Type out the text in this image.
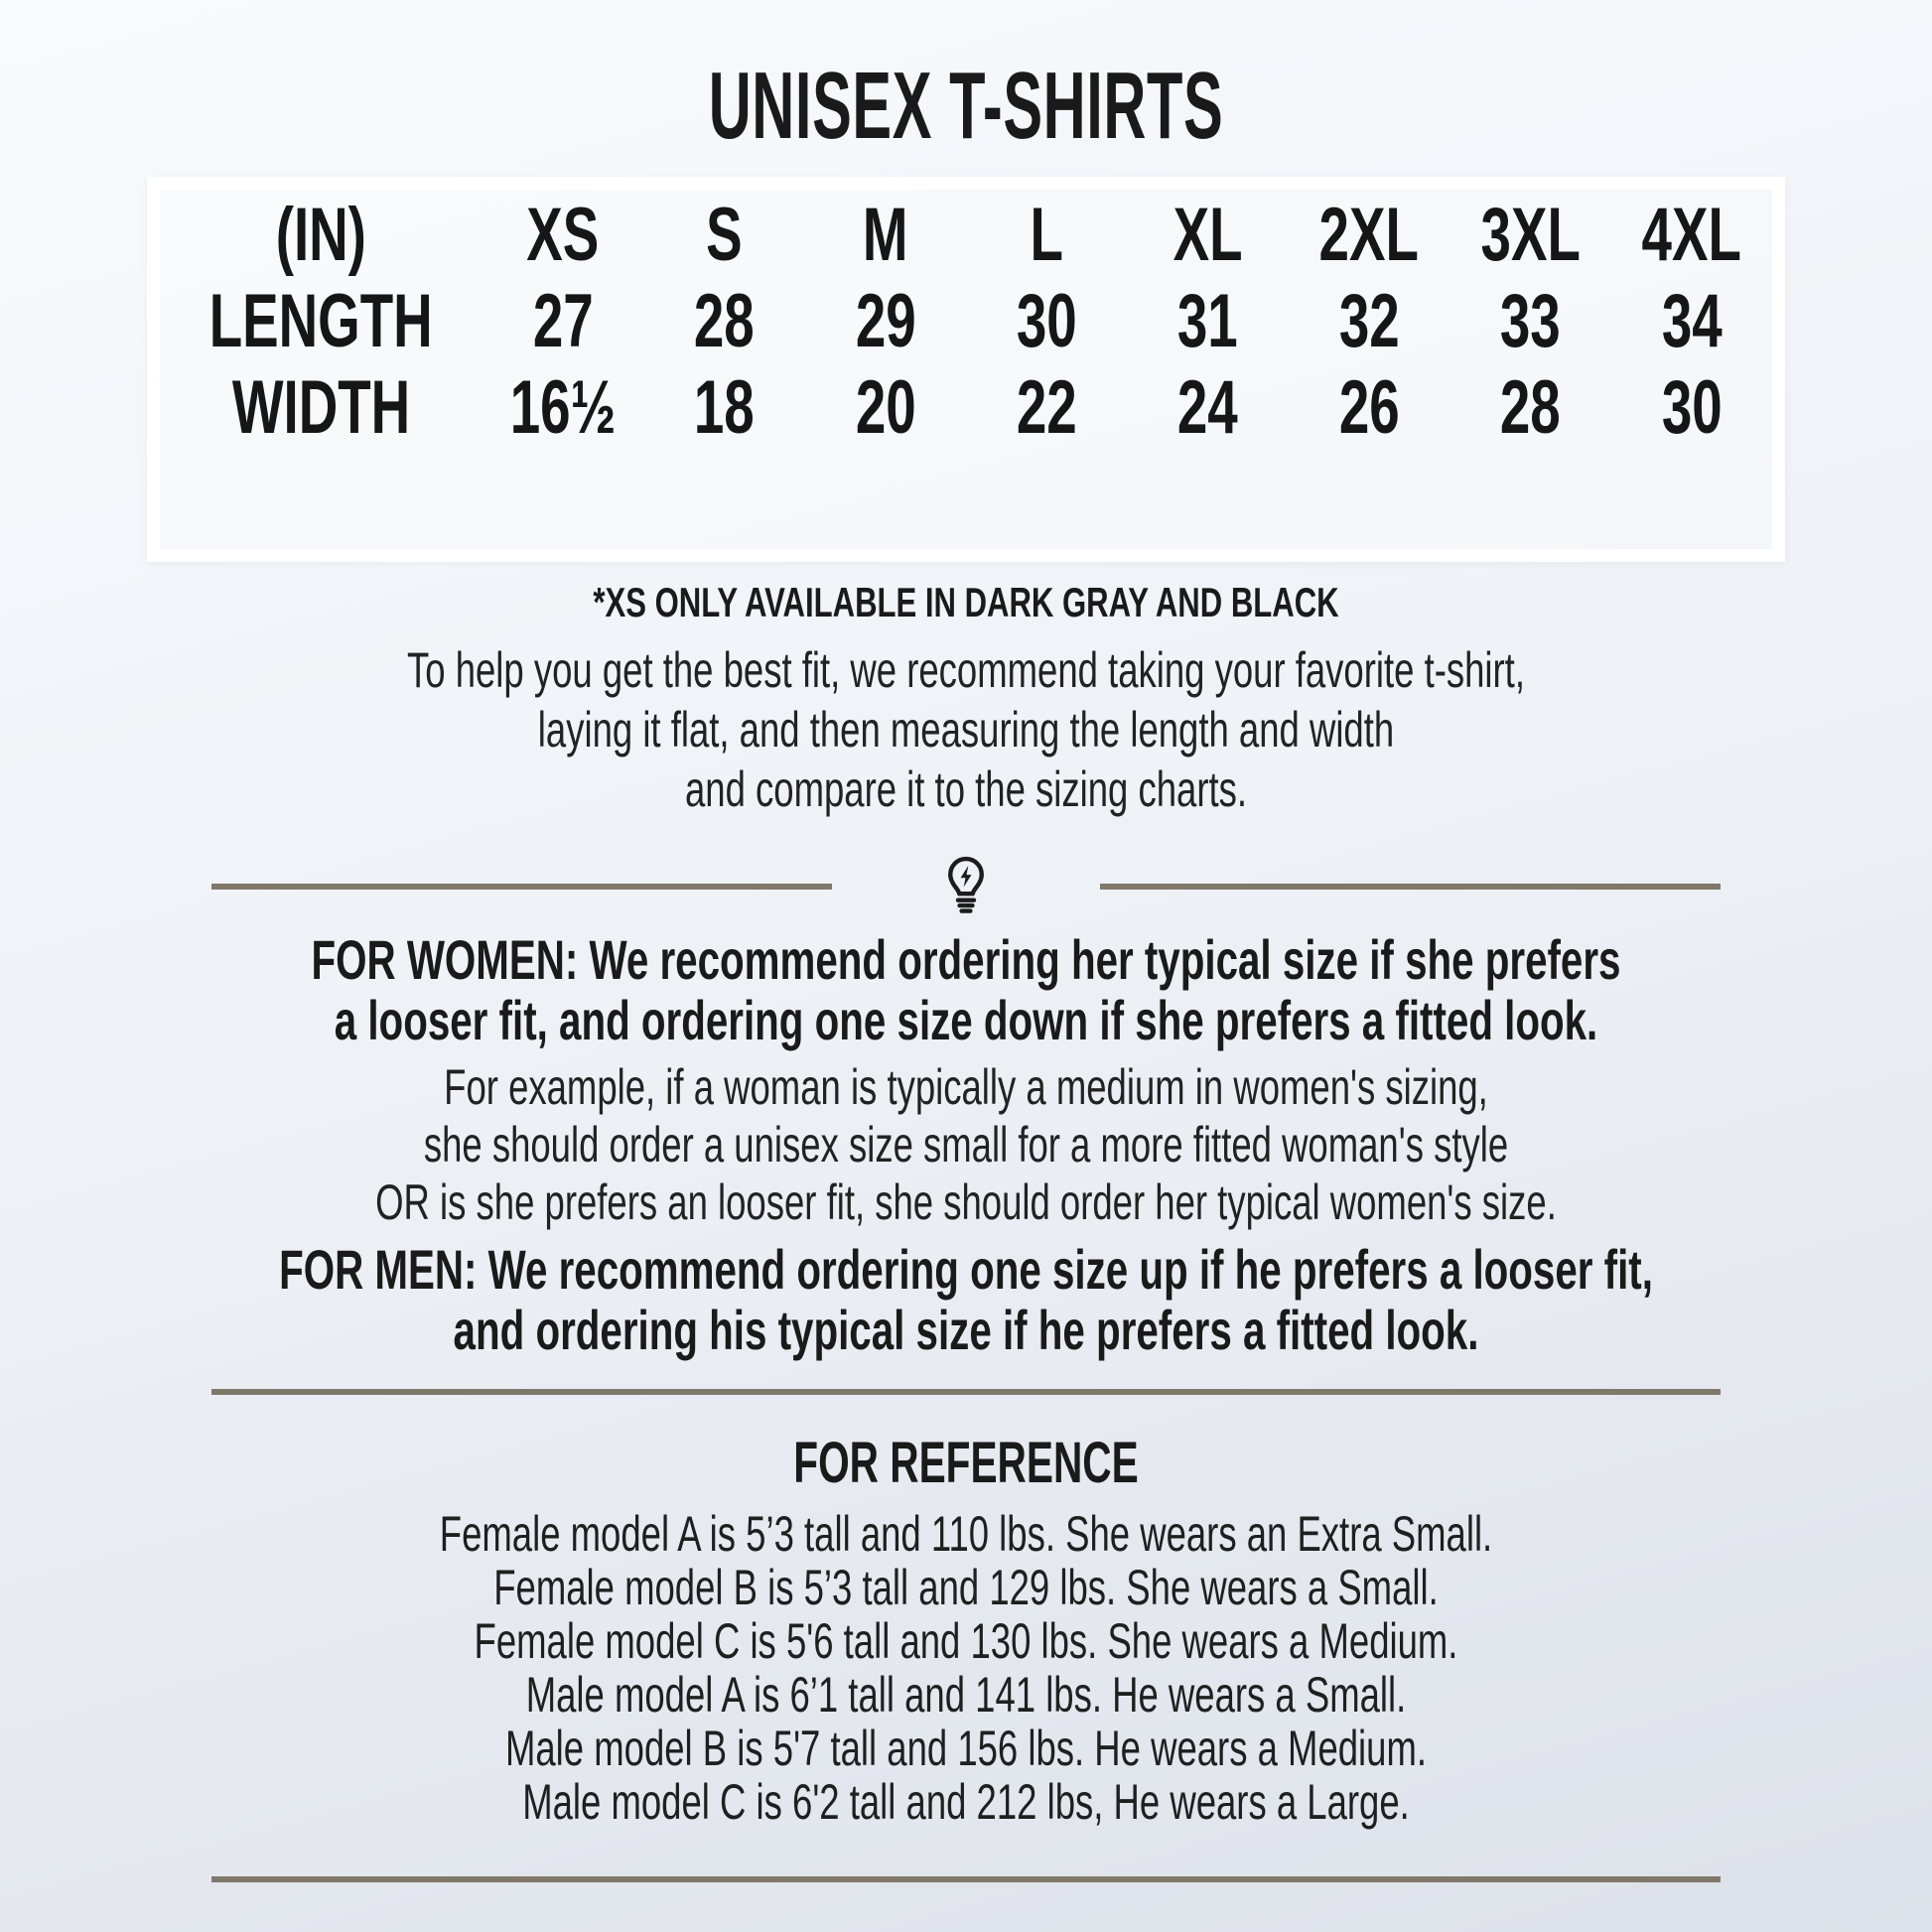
UNISEX T-SHIRTS
(IN)	XS	S	M	L	XL	2XL	3XL	4XL
LENGTH	27	28	29	30	31	32	33	34
WIDTH	16½	18	20	22	24	26	28	30
*XS ONLY AVAILABLE IN DARK GRAY AND BLACK
To help you get the best fit, we recommend taking your favorite t-shirt,
laying it flat, and then measuring the length and width
and compare it to the sizing charts.
FOR WOMEN: We recommend ordering her typical size if she prefers
a looser fit, and ordering one size down if she prefers a fitted look.
For example, if a woman is typically a medium in women's sizing,
she should order a unisex size small for a more fitted woman's style
OR is she prefers an looser fit, she should order her typical women's size.
FOR MEN: We recommend ordering one size up if he prefers a looser fit,
and ordering his typical size if he prefers a fitted look.
FOR REFERENCE
Female model A is 5’3 tall and 110 lbs. She wears an Extra Small.
Female model B is 5’3 tall and 129 lbs. She wears a Small.
Female model C is 5'6 tall and 130 lbs. She wears a Medium.
Male model A is 6’1 tall and 141 lbs. He wears a Small.
Male model B is 5'7 tall and 156 lbs. He wears a Medium.
Male model C is 6'2 tall and 212 lbs, He wears a Large.
